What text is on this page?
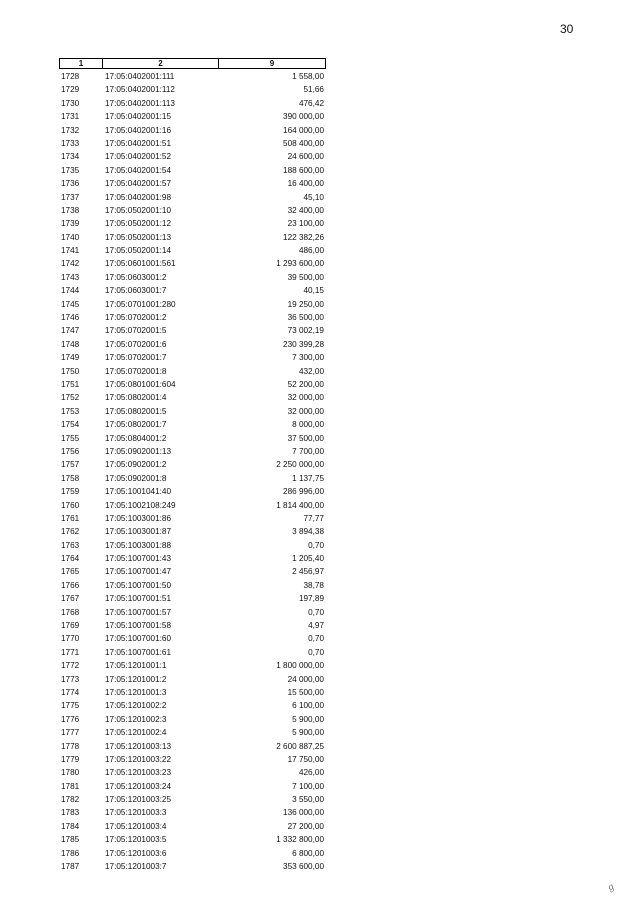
30
1	2	9
1728	17:05:0402001:111	1 558,00
1729	17:05:0402001:112	51,66
1730	17:05:0402001:113	476,42
1731	17:05:0402001:15	390 000,00
1732	17:05:0402001:16	164 000,00
1733	17:05:0402001:51	508 400,00
1734	17:05:0402001:52	24 600,00
1735	17:05:0402001:54	188 600,00
1736	17:05:0402001:57	16 400,00
1737	17:05:0402001:98	45,10
1738	17:05:0502001:10	32 400,00
1739	17:05:0502001:12	23 100,00
1740	17:05:0502001:13	122 382,26
1741	17:05:0502001:14	486,00
1742	17:05:0601001:561	1 293 600,00
1743	17:05:0603001:2	39 500,00
1744	17:05:0603001:7	40,15
1745	17:05:0701001:280	19 250,00
1746	17:05:0702001:2	36 500,00
1747	17:05:0702001:5	73 002,19
1748	17:05:0702001:6	230 399,28
1749	17:05:0702001:7	7 300,00
1750	17:05:0702001:8	432,00
1751	17:05:0801001:604	52 200,00
1752	17:05:0802001:4	32 000,00
1753	17:05:0802001:5	32 000,00
1754	17:05:0802001:7	8 000,00
1755	17:05:0804001:2	37 500,00
1756	17:05:0902001:13	7 700,00
1757	17:05:0902001:2	2 250 000,00
1758	17:05:0902001:8	1 137,75
1759	17:05:1001041:40	286 996,00
1760	17:05:1002108:249	1 814 400,00
1761	17:05:1003001:86	77,77
1762	17:05:1003001:87	3 894,38
1763	17:05:1003001:88	0,70
1764	17:05:1007001:43	1 205,40
1765	17:05:1007001:47	2 456,97
1766	17:05:1007001:50	38,78
1767	17:05:1007001:51	197,89
1768	17:05:1007001:57	0,70
1769	17:05:1007001:58	4,97
1770	17:05:1007001:60	0,70
1771	17:05:1007001:61	0,70
1772	17:05:1201001:1	1 800 000,00
1773	17:05:1201001:2	24 000,00
1774	17:05:1201001:3	15 500,00
1775	17:05:1201002:2	6 100,00
1776	17:05:1201002:3	5 900,00
1777	17:05:1201002:4	5 900,00
1778	17:05:1201003:13	2 600 887,25
1779	17:05:1201003:22	17 750,00
1780	17:05:1201003:23	426,00
1781	17:05:1201003:24	7 100,00
1782	17:05:1201003:25	3 550,00
1783	17:05:1201003:3	136 000,00
1784	17:05:1201003:4	27 200,00
1785	17:05:1201003:5	1 332 800,00
1786	17:05:1201003:6	6 800,00
1787	17:05:1201003:7	353 600,00
ℊ
